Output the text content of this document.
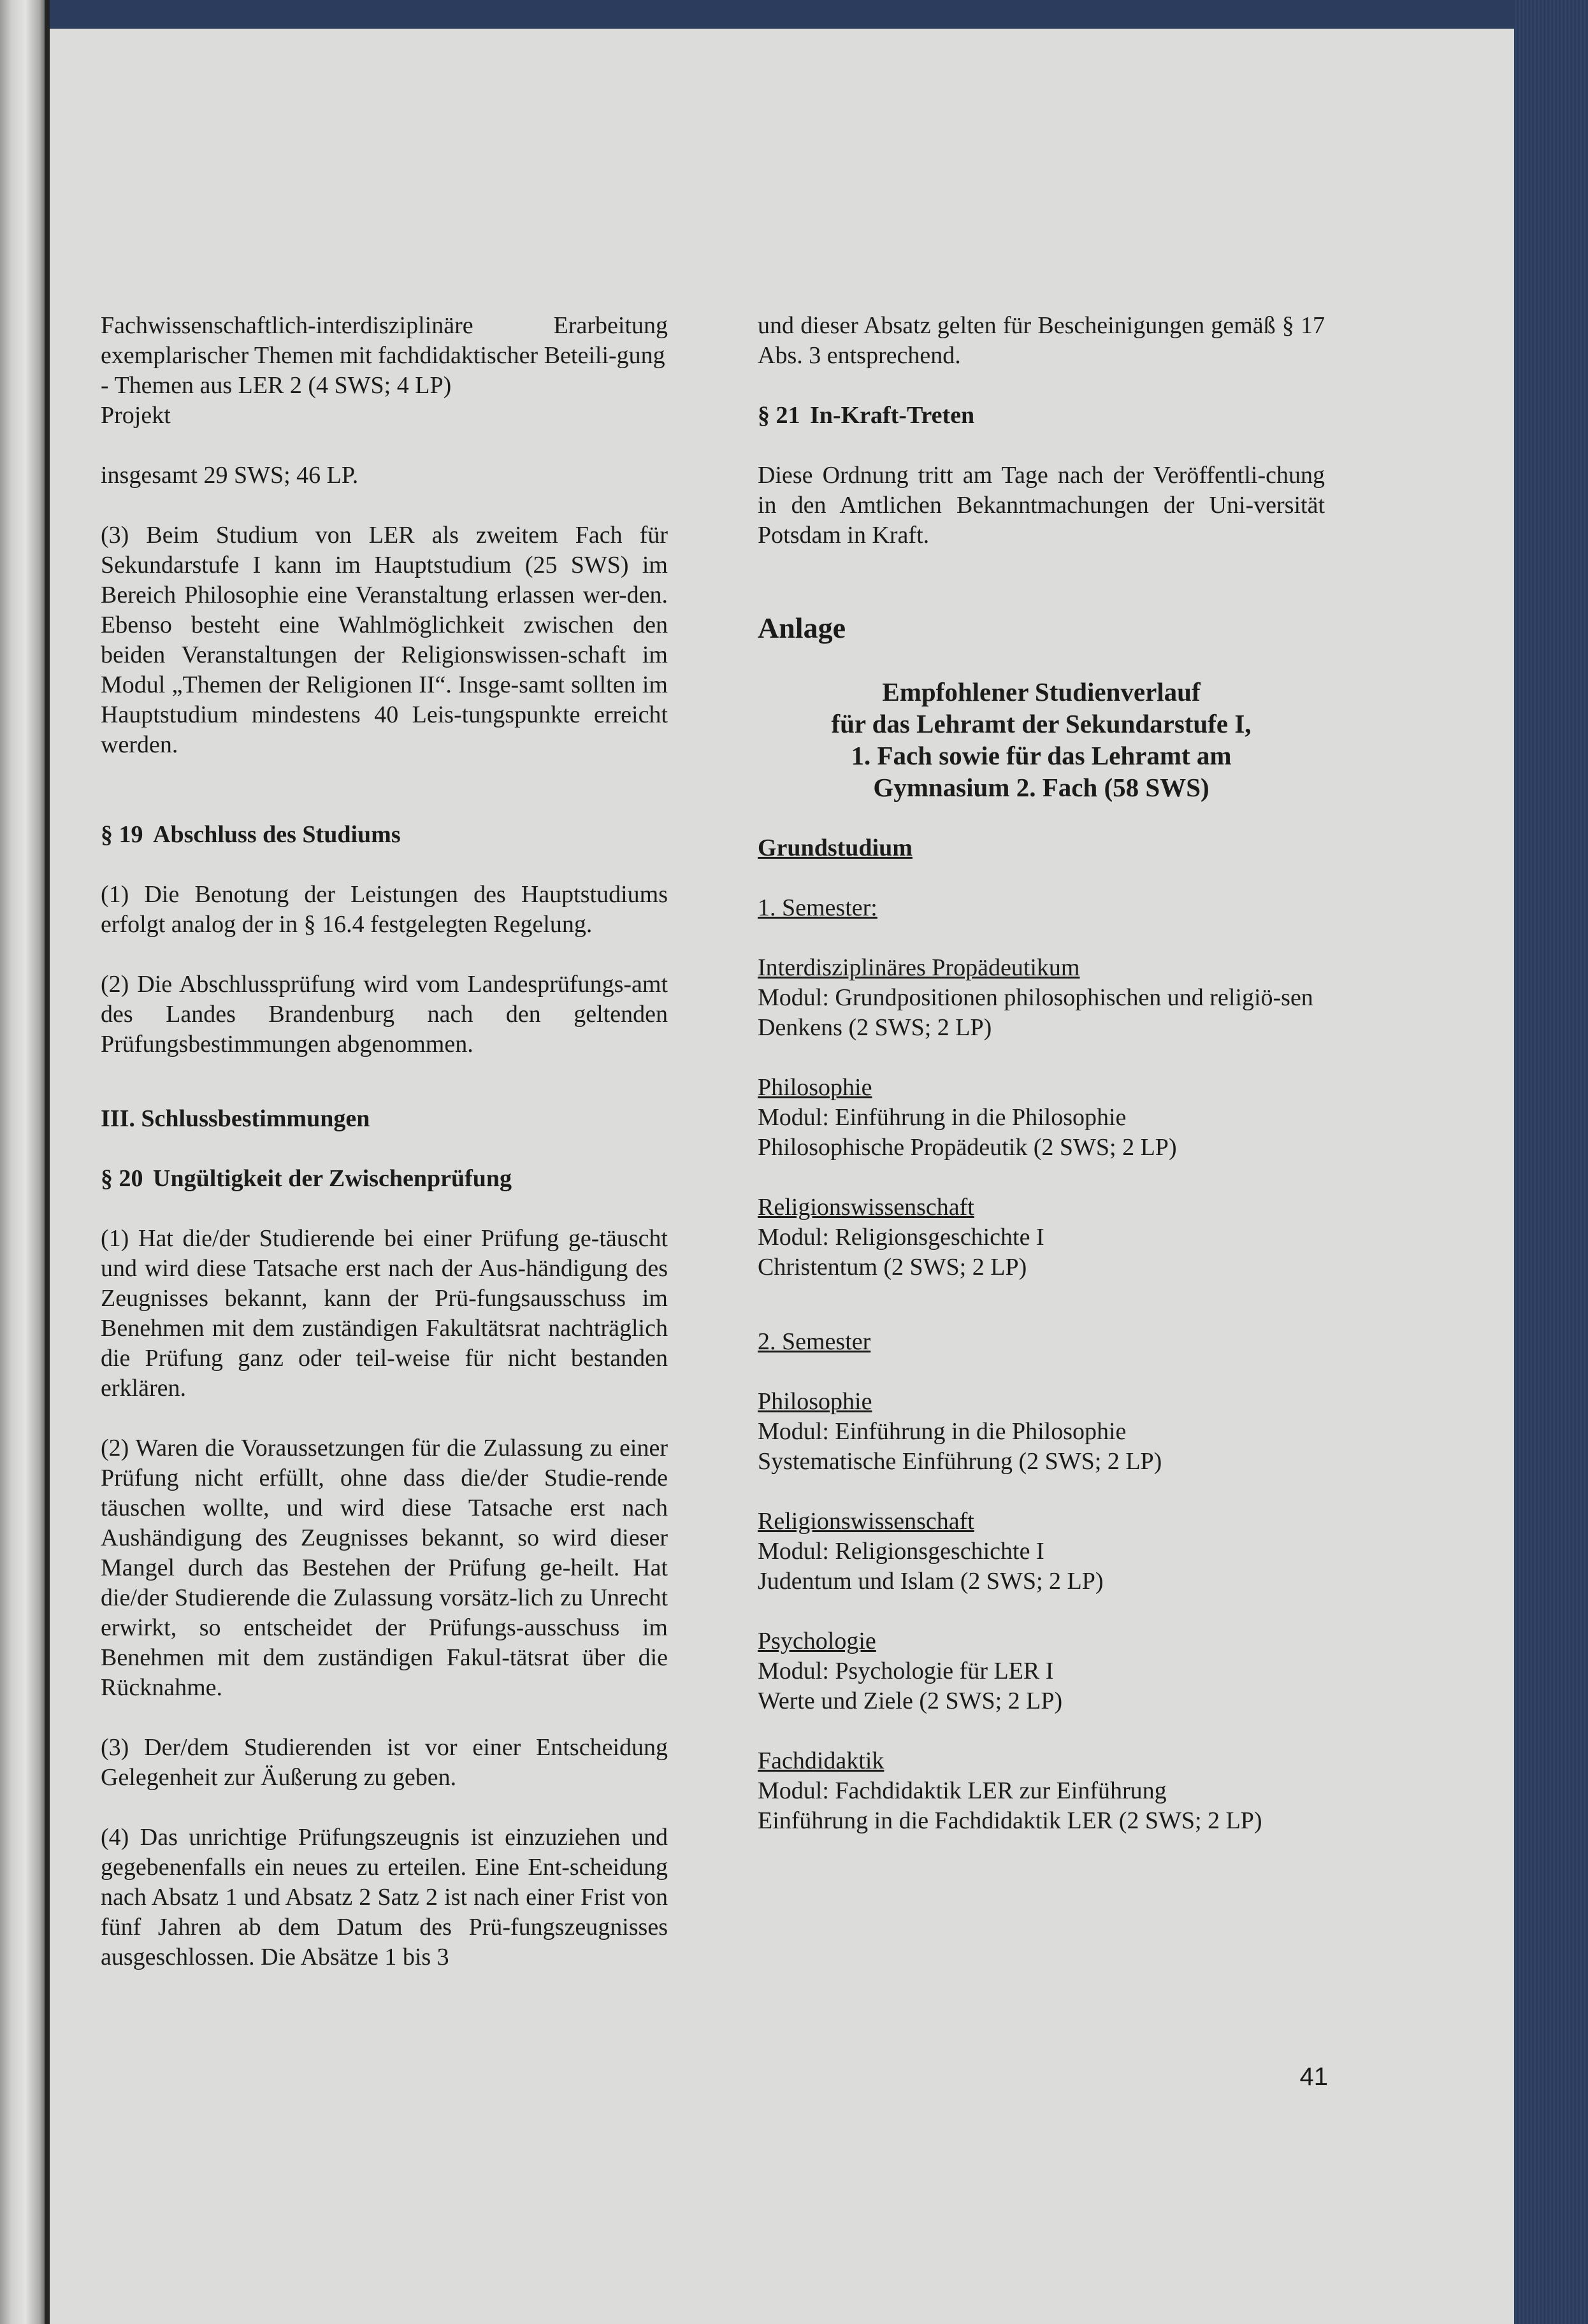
Fachwissenschaftlich-interdisziplinäre Erarbeitung exemplarischer Themen mit fachdidaktischer Beteili-gung

- Themen aus LER 2 (4 SWS; 4 LP)

Projekt

insgesamt 29 SWS; 46 LP.

(3) Beim Studium von LER als zweitem Fach für Sekundarstufe I kann im Hauptstudium (25 SWS) im Bereich Philosophie eine Veranstaltung erlassen wer-den. Ebenso besteht eine Wahlmöglichkeit zwischen den beiden Veranstaltungen der Religionswissen-schaft im Modul „Themen der Religionen II“. Insge-samt sollten im Hauptstudium mindestens 40 Leis-tungspunkte erreicht werden.

§ 19 Abschluss des Studiums

(1) Die Benotung der Leistungen des Hauptstudiums erfolgt analog der in § 16.4 festgelegten Regelung.

(2) Die Abschlussprüfung wird vom Landesprüfungs-amt des Landes Brandenburg nach den geltenden Prüfungsbestimmungen abgenommen.

III. Schlussbestimmungen

§ 20 Ungültigkeit der Zwischenprüfung

(1) Hat die/der Studierende bei einer Prüfung ge-täuscht und wird diese Tatsache erst nach der Aus-händigung des Zeugnisses bekannt, kann der Prü-fungsausschuss im Benehmen mit dem zuständigen Fakultätsrat nachträglich die Prüfung ganz oder teil-weise für nicht bestanden erklären.

(2) Waren die Voraussetzungen für die Zulassung zu einer Prüfung nicht erfüllt, ohne dass die/der Studie-rende täuschen wollte, und wird diese Tatsache erst nach Aushändigung des Zeugnisses bekannt, so wird dieser Mangel durch das Bestehen der Prüfung ge-heilt. Hat die/der Studierende die Zulassung vorsätz-lich zu Unrecht erwirkt, so entscheidet der Prüfungs-ausschuss im Benehmen mit dem zuständigen Fakul-tätsrat über die Rücknahme.

(3) Der/dem Studierenden ist vor einer Entscheidung Gelegenheit zur Äußerung zu geben.

(4) Das unrichtige Prüfungszeugnis ist einzuziehen und gegebenenfalls ein neues zu erteilen. Eine Ent-scheidung nach Absatz 1 und Absatz 2 Satz 2 ist nach einer Frist von fünf Jahren ab dem Datum des Prü-fungszeugnisses ausgeschlossen. Die Absätze 1 bis 3

und dieser Absatz gelten für Bescheinigungen gemäß § 17 Abs. 3 entsprechend.

§ 21 In-Kraft-Treten

Diese Ordnung tritt am Tage nach der Veröffentli-chung in den Amtlichen Bekanntmachungen der Uni-versität Potsdam in Kraft.

Anlage

Empfohlener Studienverlauf

für das Lehramt der Sekundarstufe I,

1. Fach sowie für das Lehramt am

Gymnasium 2. Fach (58 SWS)

Grundstudium

1. Semester:

Interdisziplinäres Propädeutikum

Modul: Grundpositionen philosophischen und religiö-sen Denkens (2 SWS; 2 LP)

Philosophie

Modul: Einführung in die Philosophie

Philosophische Propädeutik (2 SWS; 2 LP)

Religionswissenschaft

Modul: Religionsgeschichte I

Christentum (2 SWS; 2 LP)

2. Semester

Philosophie

Modul: Einführung in die Philosophie

Systematische Einführung (2 SWS; 2 LP)

Religionswissenschaft

Modul: Religionsgeschichte I

Judentum und Islam (2 SWS; 2 LP)

Psychologie

Modul: Psychologie für LER I

Werte und Ziele (2 SWS; 2 LP)

Fachdidaktik

Modul: Fachdidaktik LER zur Einführung

Einführung in die Fachdidaktik LER (2 SWS; 2 LP)

41
